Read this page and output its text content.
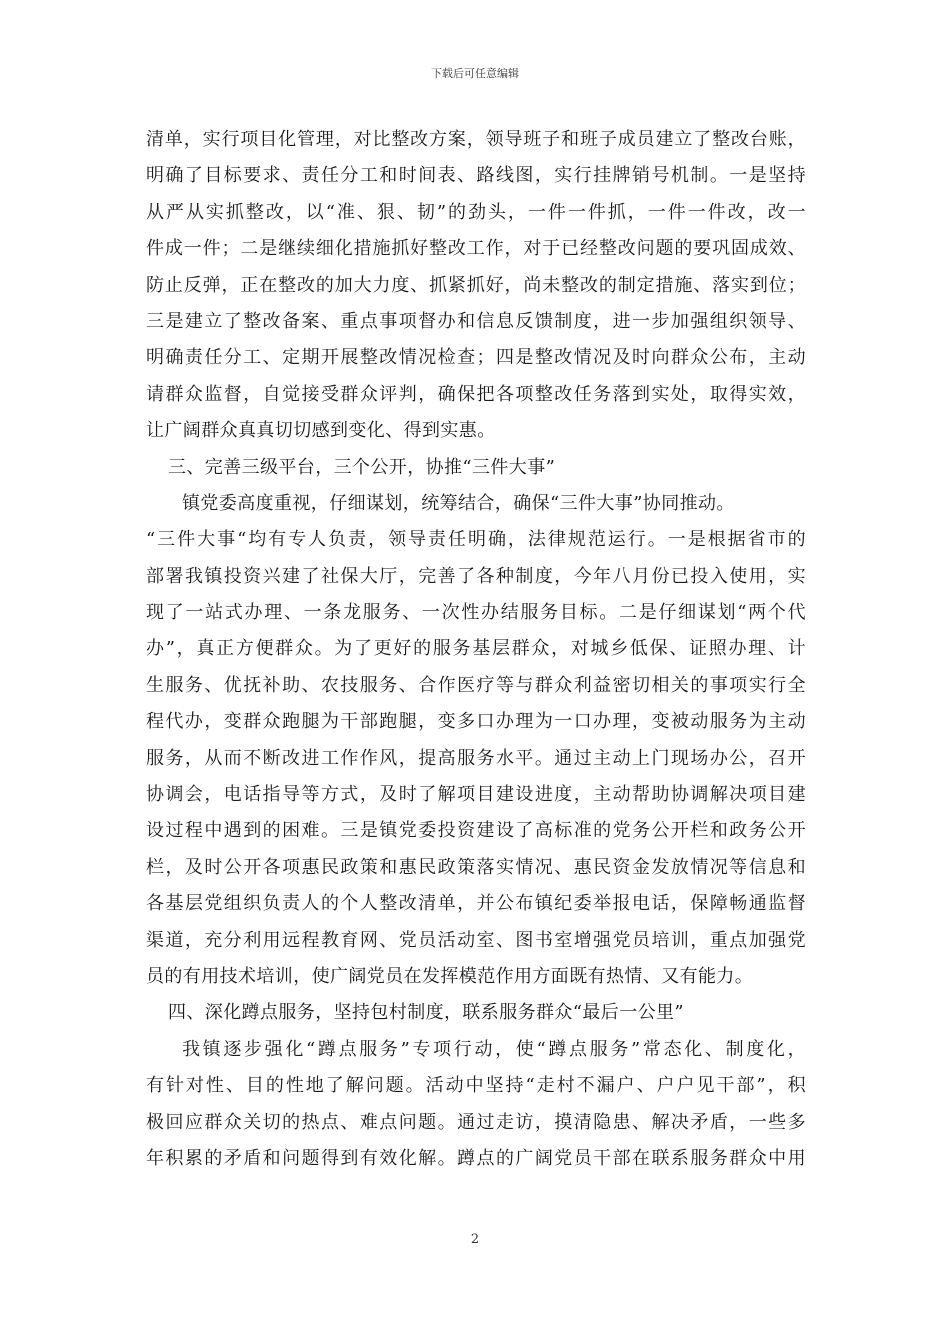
下载后可任意编辑
清单，实行项目化管理，对比整改方案，领导班子和班子成员建立了整改台账，
明确了目标要求、责任分工和时间表、路线图，实行挂牌销号机制。一是坚持
从严从实抓整改，以“准、狠、韧”的劲头，一件一件抓，一件一件改，改一
件成一件；二是继续细化措施抓好整改工作，对于已经整改问题的要巩固成效、
防止反弹，正在整改的加大力度、抓紧抓好，尚未整改的制定措施、落实到位；
三是建立了整改备案、重点事项督办和信息反馈制度，进一步加强组织领导、
明确责任分工、定期开展整改情况检查；四是整改情况及时向群众公布，主动
请群众监督，自觉接受群众评判，确保把各项整改任务落到实处，取得实效，
让广阔群众真真切切感到变化、得到实惠。
三、完善三级平台，三个公开，协推“三件大事”
镇党委高度重视，仔细谋划，统筹结合，确保“三件大事”协同推动。
“三件大事“均有专人负责，领导责任明确，法律规范运行。一是根据省市的
部署我镇投资兴建了社保大厅，完善了各种制度，今年八月份已投入使用，实
现了一站式办理、一条龙服务、一次性办结服务目标。二是仔细谋划“两个代
办”，真正方便群众。为了更好的服务基层群众，对城乡低保、证照办理、计
生服务、优抚补助、农技服务、合作医疗等与群众利益密切相关的事项实行全
程代办，变群众跑腿为干部跑腿，变多口办理为一口办理，变被动服务为主动
服务，从而不断改进工作作风，提高服务水平。通过主动上门现场办公，召开
协调会，电话指导等方式，及时了解项目建设进度，主动帮助协调解决项目建
设过程中遇到的困难。三是镇党委投资建设了高标准的党务公开栏和政务公开
栏，及时公开各项惠民政策和惠民政策落实情况、惠民资金发放情况等信息和
各基层党组织负责人的个人整改清单，并公布镇纪委举报电话，保障畅通监督
渠道，充分利用远程教育网、党员活动室、图书室增强党员培训，重点加强党
员的有用技术培训，使广阔党员在发挥模范作用方面既有热情、又有能力。
四、深化蹲点服务，坚持包村制度，联系服务群众“最后一公里”
我镇逐步强化“蹲点服务”专项行动，使“蹲点服务”常态化、制度化，
有针对性、目的性地了解问题。活动中坚持“走村不漏户、户户见干部”，积
极回应群众关切的热点、难点问题。通过走访，摸清隐患、解决矛盾，一些多
年积累的矛盾和问题得到有效化解。蹲点的广阔党员干部在联系服务群众中用
2
